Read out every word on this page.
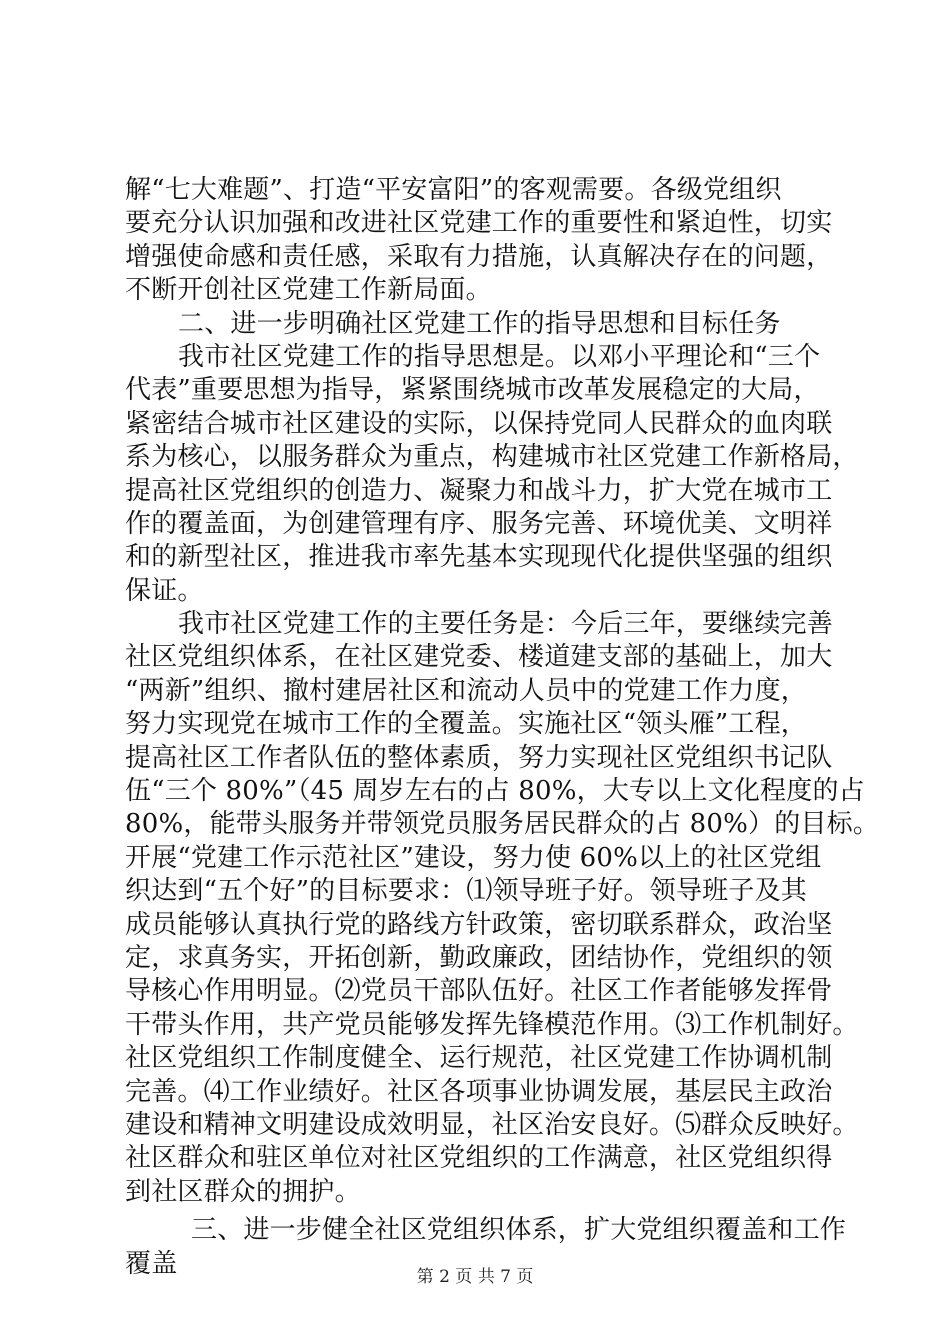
解“七大难题”、打造“平安富阳”的客观需要。各级党组织
要充分认识加强和改进社区党建工作的重要性和紧迫性，切实
增强使命感和责任感，采取有力措施，认真解决存在的问题，
不断开创社区党建工作新局面。
二、进一步明确社区党建工作的指导思想和目标任务
我市社区党建工作的指导思想是。以邓小平理论和“三个
代表”重要思想为指导，紧紧围绕城市改革发展稳定的大局，
紧密结合城市社区建设的实际，以保持党同人民群众的血肉联
系为核心，以服务群众为重点，构建城市社区党建工作新格局，
提高社区党组织的创造力、凝聚力和战斗力，扩大党在城市工
作的覆盖面，为创建管理有序、服务完善、环境优美、文明祥
和的新型社区，推进我市率先基本实现现代化提供坚强的组织
保证。
我市社区党建工作的主要任务是：今后三年，要继续完善
社区党组织体系，在社区建党委、楼道建支部的基础上，加大
“两新”组织、撤村建居社区和流动人员中的党建工作力度，
努力实现党在城市工作的全覆盖。实施社区“领头雁”工程，
提高社区工作者队伍的整体素质，努力实现社区党组织书记队
伍“三个 80%”（45 周岁左右的占 80%，大专以上文化程度的占
80%，能带头服务并带领党员服务居民群众的占 80%）的目标。
开展“党建工作示范社区”建设，努力使 60%以上的社区党组
织达到“五个好”的目标要求：⑴领导班子好。领导班子及其
成员能够认真执行党的路线方针政策，密切联系群众，政治坚
定，求真务实，开拓创新，勤政廉政，团结协作，党组织的领
导核心作用明显。⑵党员干部队伍好。社区工作者能够发挥骨
干带头作用，共产党员能够发挥先锋模范作用。⑶工作机制好。
社区党组织工作制度健全、运行规范，社区党建工作协调机制
完善。⑷工作业绩好。社区各项事业协调发展，基层民主政治
建设和精神文明建设成效明显，社区治安良好。⑸群众反映好。
社区群众和驻区单位对社区党组织的工作满意，社区党组织得
到社区群众的拥护。
三、进一步健全社区党组织体系，扩大党组织覆盖和工作
覆盖	第 2 页 共 7 页
